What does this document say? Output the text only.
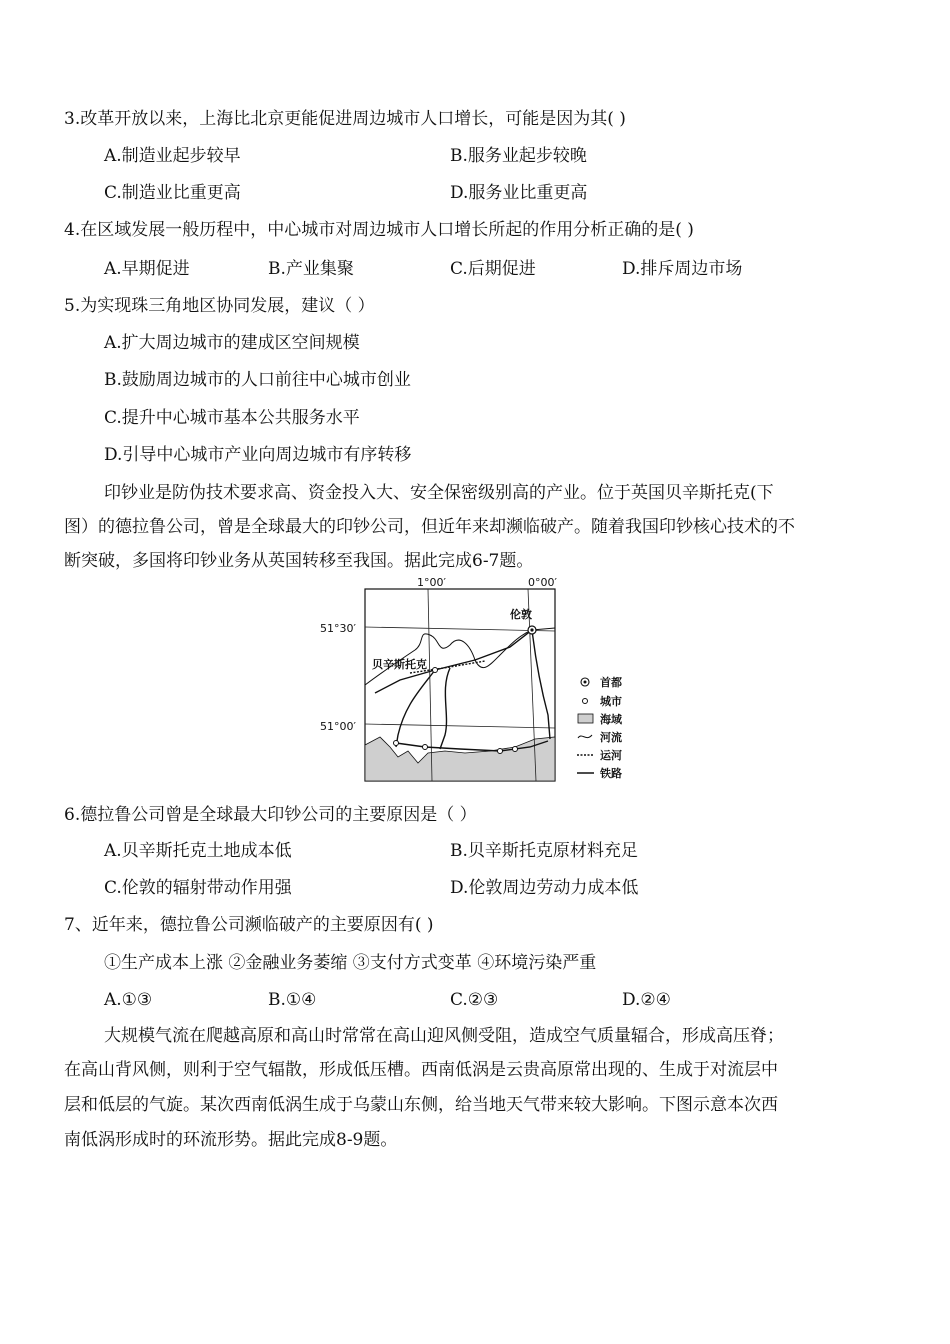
3.改革开放以来，上海比北京更能促进周边城市人口增长，可能是因为其( )
A.制造业起步较早	B.服务业起步较晚
C.制造业比重更高	D.服务业比重更高
4.在区域发展一般历程中，中心城市对周边城市人口增长所起的作用分析正确的是( )
A.早期促进	B.产业集聚	C.后期促进	D.排斥周边市场
5.为实现珠三角地区协同发展，建议（ ）
A.扩大周边城市的建成区空间规模
B.鼓励周边城市的人口前往中心城市创业
C.提升中心城市基本公共服务水平
D.引导中心城市产业向周边城市有序转移
印钞业是防伪技术要求高、资金投入大、安全保密级别高的产业。位于英国贝辛斯托克(下
图）的德拉鲁公司，曾是全球最大的印钞公司，但近年来却濒临破产。随着我国印钞核心技术的不
断突破，多国将印钞业务从英国转移至我国。据此完成6-7题。
伦敦
贝辛斯托克
1°00′	0°00′
51°30′
51°00′
首都
城市
海域
河流
运河
铁路
6.德拉鲁公司曾是全球最大印钞公司的主要原因是（ ）
A.贝辛斯托克土地成本低	B.贝辛斯托克原材料充足
C.伦敦的辐射带动作用强	D.伦敦周边劳动力成本低
7、近年来，德拉鲁公司濒临破产的主要原因有( )
①生产成本上涨 ②金融业务萎缩 ③支付方式变革 ④环境污染严重
A.①③	B.①④	C.②③	D.②④
大规模气流在爬越高原和高山时常常在高山迎风侧受阻，造成空气质量辐合，形成高压脊；
在高山背风侧，则利于空气辐散，形成低压槽。西南低涡是云贵高原常出现的、生成于对流层中
层和低层的气旋。某次西南低涡生成于乌蒙山东侧，给当地天气带来较大影响。下图示意本次西
南低涡形成时的环流形势。据此完成8-9题。
